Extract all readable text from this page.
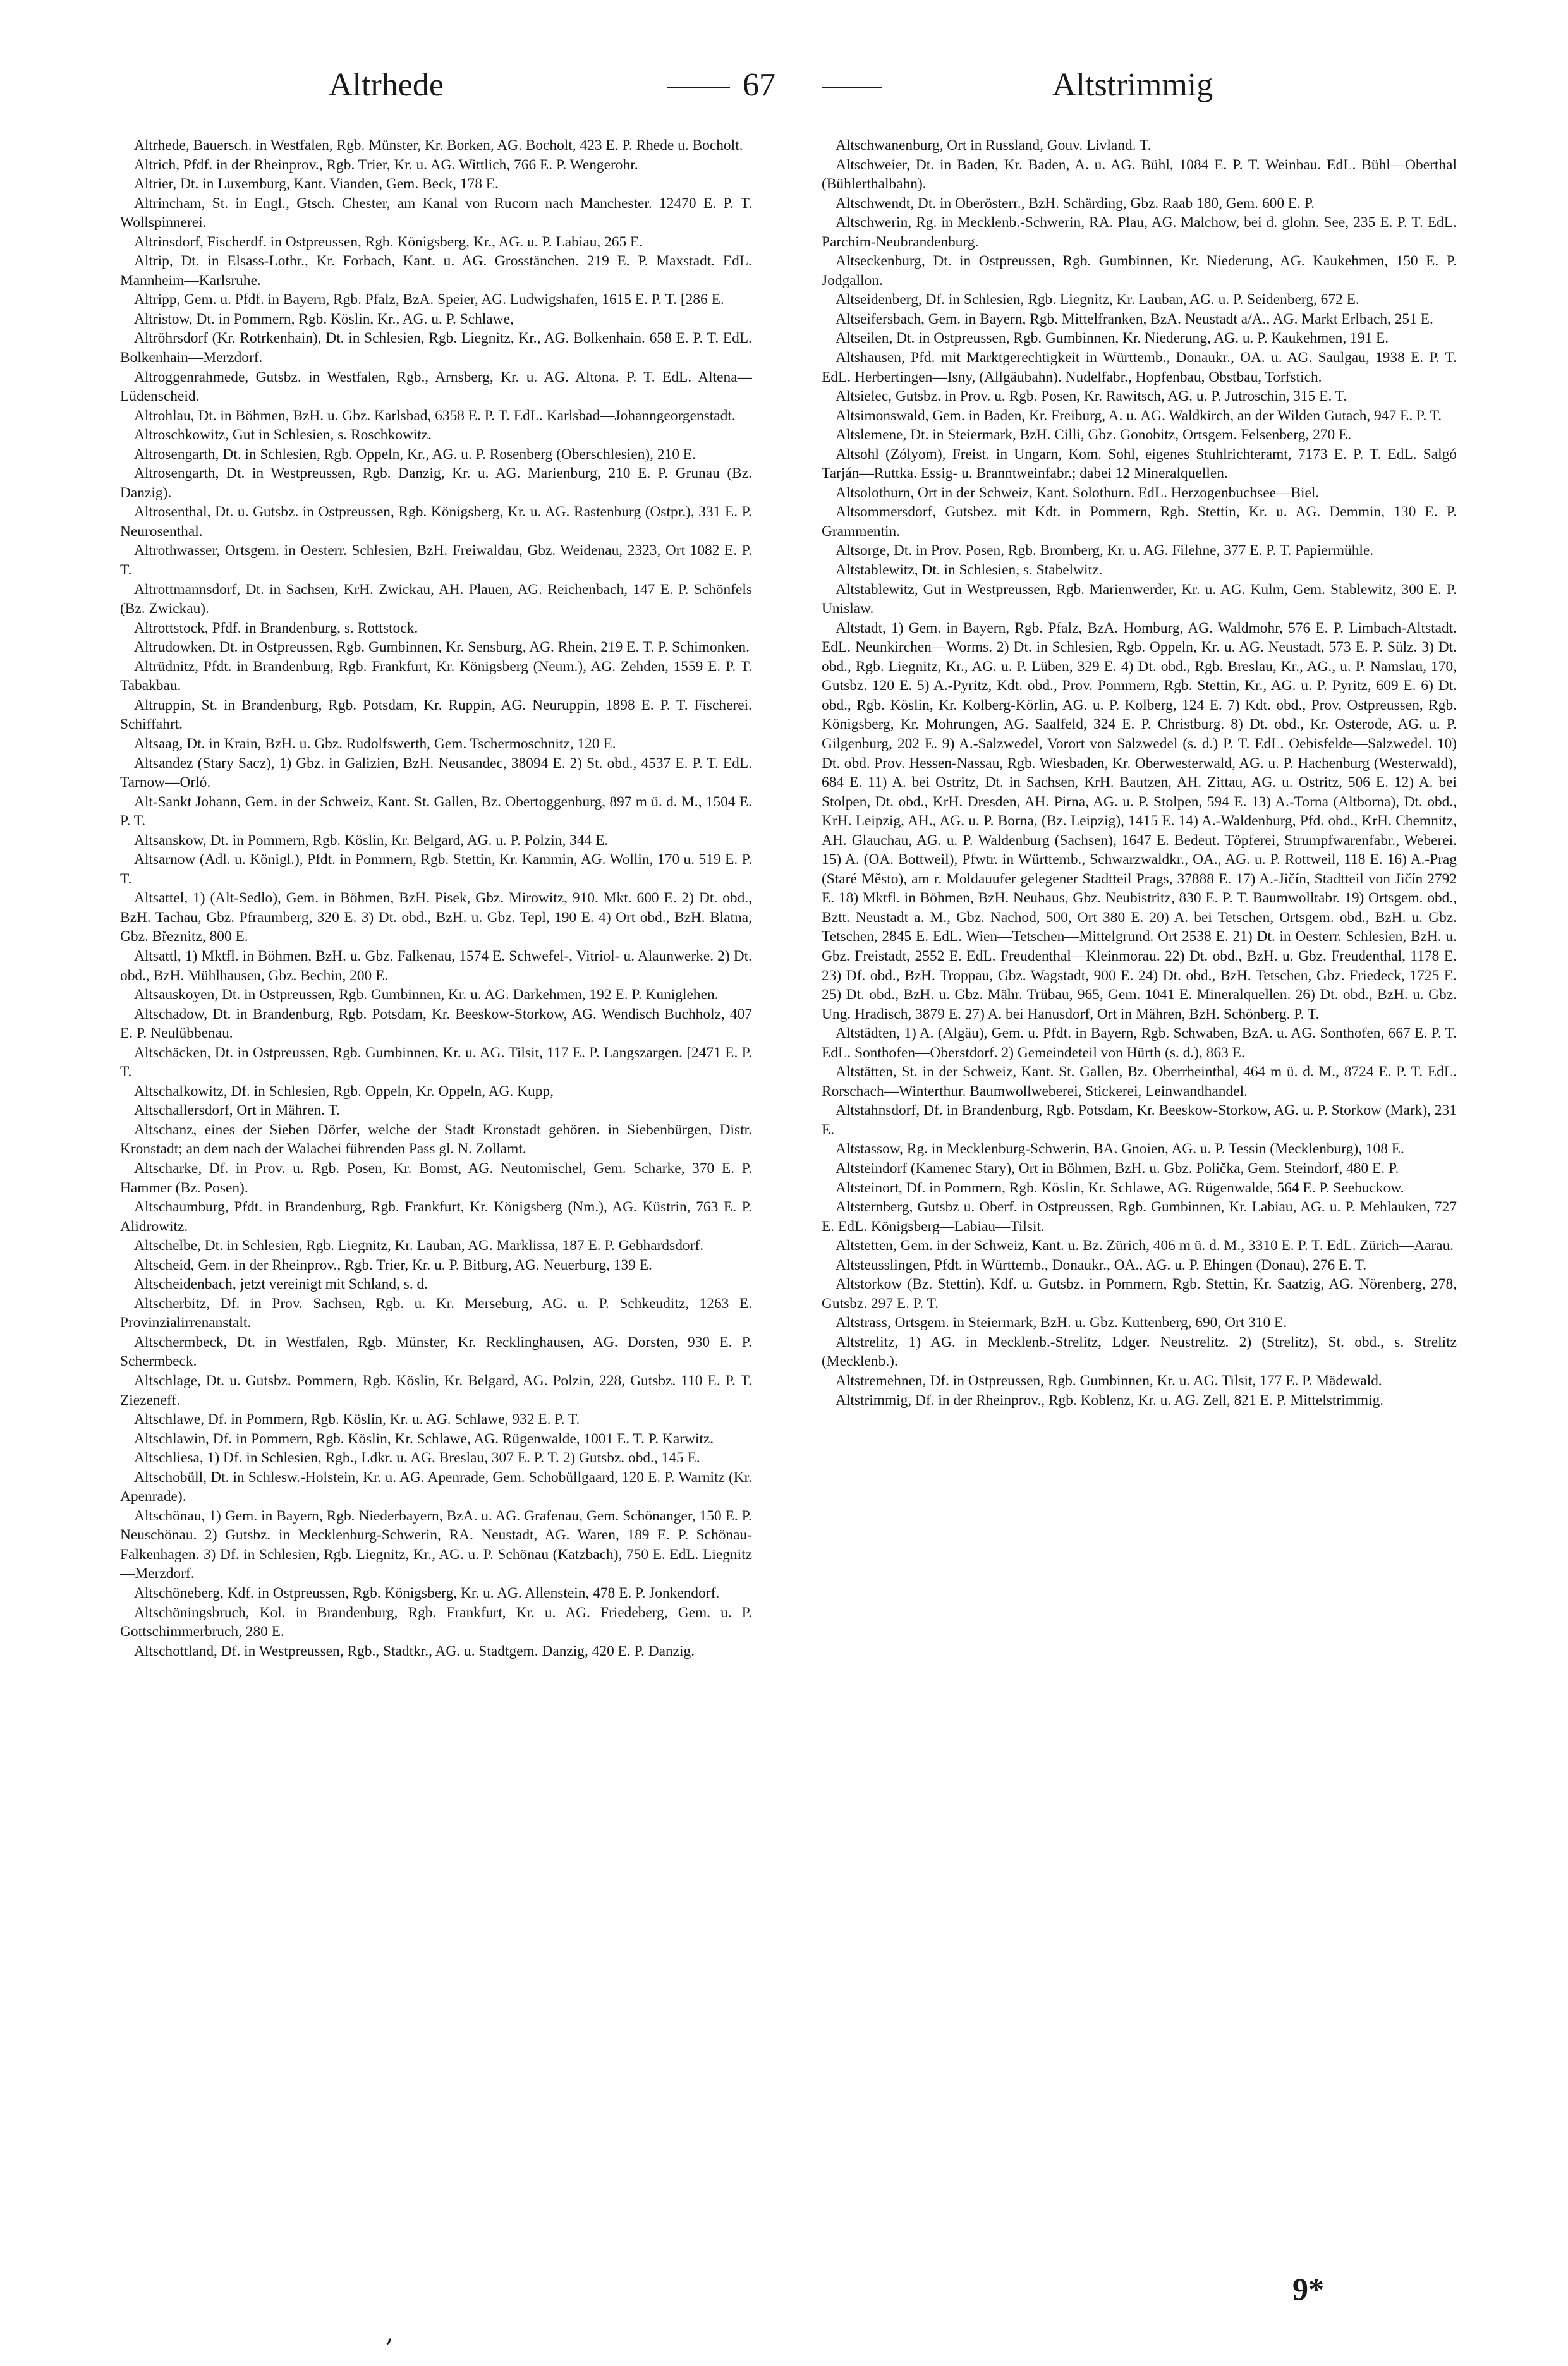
Altrhede	67	Altstrimmig

Altrhede, Bauersch. in Westfalen, Rgb. Münster, Kr. Borken, AG. Bocholt, 423 E. P. Rhede u. Bocholt.

Altrich, Pfdf. in der Rheinprov., Rgb. Trier, Kr. u. AG. Wittlich, 766 E. P. Wengerohr.

Altrier, Dt. in Luxemburg, Kant. Vianden, Gem. Beck, 178 E.

Altrincham, St. in Engl., Gtsch. Chester, am Kanal von Rucorn nach Manchester. 12470 E. P. T. Wollspinnerei.

Altrinsdorf, Fischerdf. in Ostpreussen, Rgb. Königsberg, Kr., AG. u. P. Labiau, 265 E.

Altrip, Dt. in Elsass-Lothr., Kr. Forbach, Kant. u. AG. Grosstänchen. 219 E. P. Maxstadt. EdL. Mannheim—Karlsruhe.

Altripp, Gem. u. Pfdf. in Bayern, Rgb. Pfalz, BzA. Speier, AG. Ludwigshafen, 1615 E. P. T. [286 E.

Altristow, Dt. in Pommern, Rgb. Köslin, Kr., AG. u. P. Schlawe,

Altröhrsdorf (Kr. Rotrkenhain), Dt. in Schlesien, Rgb. Liegnitz, Kr., AG. Bolkenhain. 658 E. P. T. EdL. Bolkenhain—Merzdorf.

Altroggenrahmede, Gutsbz. in Westfalen, Rgb., Arnsberg, Kr. u. AG. Altona. P. T. EdL. Altena—Lüdenscheid.

Altrohlau, Dt. in Böhmen, BzH. u. Gbz. Karlsbad, 6358 E. P. T. EdL. Karlsbad—Johanngeorgenstadt.

Altroschkowitz, Gut in Schlesien, s. Roschkowitz.

Altrosengarth, Dt. in Schlesien, Rgb. Oppeln, Kr., AG. u. P. Rosenberg (Oberschlesien), 210 E.

Altrosengarth, Dt. in Westpreussen, Rgb. Danzig, Kr. u. AG. Marienburg, 210 E. P. Grunau (Bz. Danzig).

Altrosenthal, Dt. u. Gutsbz. in Ostpreussen, Rgb. Königsberg, Kr. u. AG. Rastenburg (Ostpr.), 331 E. P. Neurosenthal.

Altrothwasser, Ortsgem. in Oesterr. Schlesien, BzH. Freiwaldau, Gbz. Weidenau, 2323, Ort 1082 E. P. T.

Altrottmannsdorf, Dt. in Sachsen, KrH. Zwickau, AH. Plauen, AG. Reichenbach, 147 E. P. Schönfels (Bz. Zwickau).

Altrottstock, Pfdf. in Brandenburg, s. Rottstock.

Altrudowken, Dt. in Ostpreussen, Rgb. Gumbinnen, Kr. Sensburg, AG. Rhein, 219 E. T. P. Schimonken.

Altrüdnitz, Pfdt. in Brandenburg, Rgb. Frankfurt, Kr. Königsberg (Neum.), AG. Zehden, 1559 E. P. T. Tabakbau.

Altruppin, St. in Brandenburg, Rgb. Potsdam, Kr. Ruppin, AG. Neuruppin, 1898 E. P. T. Fischerei. Schiffahrt.

Altsaag, Dt. in Krain, BzH. u. Gbz. Rudolfswerth, Gem. Tschermoschnitz, 120 E.

Altsandez (Stary Sacz), 1) Gbz. in Galizien, BzH. Neusandec, 38094 E. 2) St. obd., 4537 E. P. T. EdL. Tarnow—Orló.

Alt-Sankt Johann, Gem. in der Schweiz, Kant. St. Gallen, Bz. Obertoggenburg, 897 m ü. d. M., 1504 E. P. T.

Altsanskow, Dt. in Pommern, Rgb. Köslin, Kr. Belgard, AG. u. P. Polzin, 344 E.

Altsarnow (Adl. u. Königl.), Pfdt. in Pommern, Rgb. Stettin, Kr. Kammin, AG. Wollin, 170 u. 519 E. P. T.

Altsattel, 1) (Alt-Sedlo), Gem. in Böhmen, BzH. Pisek, Gbz. Mirowitz, 910. Mkt. 600 E. 2) Dt. obd., BzH. Tachau, Gbz. Pfraumberg, 320 E. 3) Dt. obd., BzH. u. Gbz. Tepl, 190 E. 4) Ort obd., BzH. Blatna, Gbz. Březnitz, 800 E.

Altsattl, 1) Mktfl. in Böhmen, BzH. u. Gbz. Falkenau, 1574 E. Schwefel-, Vitriol- u. Alaunwerke. 2) Dt. obd., BzH. Mühlhausen, Gbz. Bechin, 200 E.

Altsauskoyen, Dt. in Ostpreussen, Rgb. Gumbinnen, Kr. u. AG. Darkehmen, 192 E. P. Kuniglehen.

Altschadow, Dt. in Brandenburg, Rgb. Potsdam, Kr. Beeskow-Storkow, AG. Wendisch Buchholz, 407 E. P. Neulübbenau.

Altschäcken, Dt. in Ostpreussen, Rgb. Gumbinnen, Kr. u. AG. Tilsit, 117 E. P. Langszargen. [2471 E. P. T.

Altschalkowitz, Df. in Schlesien, Rgb. Oppeln, Kr. Oppeln, AG. Kupp,

Altschallersdorf, Ort in Mähren. T.

Altschanz, eines der Sieben Dörfer, welche der Stadt Kronstadt gehören. in Siebenbürgen, Distr. Kronstadt; an dem nach der Walachei führenden Pass gl. N. Zollamt.

Altscharke, Df. in Prov. u. Rgb. Posen, Kr. Bomst, AG. Neutomischel, Gem. Scharke, 370 E. P. Hammer (Bz. Posen).

Altschaumburg, Pfdt. in Brandenburg, Rgb. Frankfurt, Kr. Königsberg (Nm.), AG. Küstrin, 763 E. P. Alidrowitz.

Altschelbe, Dt. in Schlesien, Rgb. Liegnitz, Kr. Lauban, AG. Marklissa, 187 E. P. Gebhardsdorf.

Altscheid, Gem. in der Rheinprov., Rgb. Trier, Kr. u. P. Bitburg, AG. Neuerburg, 139 E.

Altscheidenbach, jetzt vereinigt mit Schland, s. d.

Altscherbitz, Df. in Prov. Sachsen, Rgb. u. Kr. Merseburg, AG. u. P. Schkeuditz, 1263 E. Provinzialirrenanstalt.

Altschermbeck, Dt. in Westfalen, Rgb. Münster, Kr. Recklinghausen, AG. Dorsten, 930 E. P. Schermbeck.

Altschlage, Dt. u. Gutsbz. Pommern, Rgb. Köslin, Kr. Belgard, AG. Polzin, 228, Gutsbz. 110 E. P. T. Ziezeneff.

Altschlawe, Df. in Pommern, Rgb. Köslin, Kr. u. AG. Schlawe, 932 E. P. T.

Altschlawin, Df. in Pommern, Rgb. Köslin, Kr. Schlawe, AG. Rügenwalde, 1001 E. T. P. Karwitz.

Altschliesa, 1) Df. in Schlesien, Rgb., Ldkr. u. AG. Breslau, 307 E. P. T. 2) Gutsbz. obd., 145 E.

Altschobüll, Dt. in Schlesw.-Holstein, Kr. u. AG. Apenrade, Gem. Schobüllgaard, 120 E. P. Warnitz (Kr. Apenrade).

Altschönau, 1) Gem. in Bayern, Rgb. Niederbayern, BzA. u. AG. Grafenau, Gem. Schönanger, 150 E. P. Neuschönau. 2) Gutsbz. in Mecklenburg-Schwerin, RA. Neustadt, AG. Waren, 189 E. P. Schönau-Falkenhagen. 3) Df. in Schlesien, Rgb. Liegnitz, Kr., AG. u. P. Schönau (Katzbach), 750 E. EdL. Liegnitz—Merzdorf.

Altschöneberg, Kdf. in Ostpreussen, Rgb. Königsberg, Kr. u. AG. Allenstein, 478 E. P. Jonkendorf.

Altschöningsbruch, Kol. in Brandenburg, Rgb. Frankfurt, Kr. u. AG. Friedeberg, Gem. u. P. Gottschimmerbruch, 280 E.

Altschottland, Df. in Westpreussen, Rgb., Stadtkr., AG. u. Stadtgem. Danzig, 420 E. P. Danzig.

Altschwanenburg, Ort in Russland, Gouv. Livland. T.

Altschweier, Dt. in Baden, Kr. Baden, A. u. AG. Bühl, 1084 E. P. T. Weinbau. EdL. Bühl—Oberthal (Bühlerthalbahn).

Altschwendt, Dt. in Oberösterr., BzH. Schärding, Gbz. Raab 180, Gem. 600 E. P.

Altschwerin, Rg. in Mecklenb.-Schwerin, RA. Plau, AG. Malchow, bei d. glohn. See, 235 E. P. T. EdL. Parchim-Neubrandenburg.

Altseckenburg, Dt. in Ostpreussen, Rgb. Gumbinnen, Kr. Niederung, AG. Kaukehmen, 150 E. P. Jodgallon.

Altseidenberg, Df. in Schlesien, Rgb. Liegnitz, Kr. Lauban, AG. u. P. Seidenberg, 672 E.

Altseifersbach, Gem. in Bayern, Rgb. Mittelfranken, BzA. Neustadt a/A., AG. Markt Erlbach, 251 E.

Altseilen, Dt. in Ostpreussen, Rgb. Gumbinnen, Kr. Niederung, AG. u. P. Kaukehmen, 191 E.

Altshausen, Pfd. mit Marktgerechtigkeit in Württemb., Donaukr., OA. u. AG. Saulgau, 1938 E. P. T. EdL. Herbertingen—Isny, (Allgäubahn). Nudelfabr., Hopfenbau, Obstbau, Torfstich.

Altsielec, Gutsbz. in Prov. u. Rgb. Posen, Kr. Rawitsch, AG. u. P. Jutroschin, 315 E. T.

Altsimonswald, Gem. in Baden, Kr. Freiburg, A. u. AG. Waldkirch, an der Wilden Gutach, 947 E. P. T.

Altslemene, Dt. in Steiermark, BzH. Cilli, Gbz. Gonobitz, Ortsgem. Felsenberg, 270 E.

Altsohl (Zólyom), Freist. in Ungarn, Kom. Sohl, eigenes Stuhlrichteramt, 7173 E. P. T. EdL. Salgó Tarján—Ruttka. Essig- u. Branntweinfabr.; dabei 12 Mineralquellen.

Altsolothurn, Ort in der Schweiz, Kant. Solothurn. EdL. Herzogenbuchsee—Biel.

Altsommersdorf, Gutsbez. mit Kdt. in Pommern, Rgb. Stettin, Kr. u. AG. Demmin, 130 E. P. Grammentin.

Altsorge, Dt. in Prov. Posen, Rgb. Bromberg, Kr. u. AG. Filehne, 377 E. P. T. Papiermühle.

Altstablewitz, Dt. in Schlesien, s. Stabelwitz.

Altstablewitz, Gut in Westpreussen, Rgb. Marienwerder, Kr. u. AG. Kulm, Gem. Stablewitz, 300 E. P. Unislaw.

Altstadt, 1) Gem. in Bayern, Rgb. Pfalz, BzA. Homburg, AG. Waldmohr, 576 E. P. Limbach-Altstadt. EdL. Neunkirchen—Worms. 2) Dt. in Schlesien, Rgb. Oppeln, Kr. u. AG. Neustadt, 573 E. P. Sülz. 3) Dt. obd., Rgb. Liegnitz, Kr., AG. u. P. Lüben, 329 E. 4) Dt. obd., Rgb. Breslau, Kr., AG., u. P. Namslau, 170, Gutsbz. 120 E. 5) A.-Pyritz, Kdt. obd., Prov. Pommern, Rgb. Stettin, Kr., AG. u. P. Pyritz, 609 E. 6) Dt. obd., Rgb. Köslin, Kr. Kolberg-Körlin, AG. u. P. Kolberg, 124 E. 7) Kdt. obd., Prov. Ostpreussen, Rgb. Königsberg, Kr. Mohrungen, AG. Saalfeld, 324 E. P. Christburg. 8) Dt. obd., Kr. Osterode, AG. u. P. Gilgenburg, 202 E. 9) A.-Salzwedel, Vorort von Salzwedel (s. d.) P. T. EdL. Oebisfelde—Salzwedel. 10) Dt. obd. Prov. Hessen-Nassau, Rgb. Wiesbaden, Kr. Oberwesterwald, AG. u. P. Hachenburg (Westerwald), 684 E. 11) A. bei Ostritz, Dt. in Sachsen, KrH. Bautzen, AH. Zittau, AG. u. Ostritz, 506 E. 12) A. bei Stolpen, Dt. obd., KrH. Dresden, AH. Pirna, AG. u. P. Stolpen, 594 E. 13) A.-Torna (Altborna), Dt. obd., KrH. Leipzig, AH., AG. u. P. Borna, (Bz. Leipzig), 1415 E. 14) A.-Waldenburg, Pfd. obd., KrH. Chemnitz, AH. Glauchau, AG. u. P. Waldenburg (Sachsen), 1647 E. Bedeut. Töpferei, Strumpfwarenfabr., Weberei. 15) A. (OA. Bottweil), Pfwtr. in Württemb., Schwarzwaldkr., OA., AG. u. P. Rottweil, 118 E. 16) A.-Prag (Staré Město), am r. Moldauufer gelegener Stadtteil Prags, 37888 E. 17) A.-Jičín, Stadtteil von Jičín 2792 E. 18) Mktfl. in Böhmen, BzH. Neuhaus, Gbz. Neubistritz, 830 E. P. T. Baumwolltabr. 19) Ortsgem. obd., Bztt. Neustadt a. M., Gbz. Nachod, 500, Ort 380 E. 20) A. bei Tetschen, Ortsgem. obd., BzH. u. Gbz. Tetschen, 2845 E. EdL. Wien—Tetschen—Mittelgrund. Ort 2538 E. 21) Dt. in Oesterr. Schlesien, BzH. u. Gbz. Freistadt, 2552 E. EdL. Freudenthal—Kleinmorau. 22) Dt. obd., BzH. u. Gbz. Freudenthal, 1178 E. 23) Df. obd., BzH. Troppau, Gbz. Wagstadt, 900 E. 24) Dt. obd., BzH. Tetschen, Gbz. Friedeck, 1725 E. 25) Dt. obd., BzH. u. Gbz. Mähr. Trübau, 965, Gem. 1041 E. Mineralquellen. 26) Dt. obd., BzH. u. Gbz. Ung. Hradisch, 3879 E. 27) A. bei Hanusdorf, Ort in Mähren, BzH. Schönberg. P. T.

Altstädten, 1) A. (Algäu), Gem. u. Pfdt. in Bayern, Rgb. Schwaben, BzA. u. AG. Sonthofen, 667 E. P. T. EdL. Sonthofen—Oberstdorf. 2) Gemeindeteil von Hürth (s. d.), 863 E.

Altstätten, St. in der Schweiz, Kant. St. Gallen, Bz. Oberrheinthal, 464 m ü. d. M., 8724 E. P. T. EdL. Rorschach—Winterthur. Baumwollweberei, Stickerei, Leinwandhandel.

Altstahnsdorf, Df. in Brandenburg, Rgb. Potsdam, Kr. Beeskow-Storkow, AG. u. P. Storkow (Mark), 231 E.

Altstassow, Rg. in Mecklenburg-Schwerin, BA. Gnoien, AG. u. P. Tessin (Mecklenburg), 108 E.

Altsteindorf (Kamenec Stary), Ort in Böhmen, BzH. u. Gbz. Polička, Gem. Steindorf, 480 E. P.

Altsteinort, Df. in Pommern, Rgb. Köslin, Kr. Schlawe, AG. Rügenwalde, 564 E. P. Seebuckow.

Altsternberg, Gutsbz u. Oberf. in Ostpreussen, Rgb. Gumbinnen, Kr. Labiau, AG. u. P. Mehlauken, 727 E. EdL. Königsberg—Labiau—Tilsit.

Altstetten, Gem. in der Schweiz, Kant. u. Bz. Zürich, 406 m ü. d. M., 3310 E. P. T. EdL. Zürich—Aarau.

Altsteusslingen, Pfdt. in Württemb., Donaukr., OA., AG. u. P. Ehingen (Donau), 276 E. T.

Altstorkow (Bz. Stettin), Kdf. u. Gutsbz. in Pommern, Rgb. Stettin, Kr. Saatzig, AG. Nörenberg, 278, Gutsbz. 297 E. P. T.

Altstrass, Ortsgem. in Steiermark, BzH. u. Gbz. Kuttenberg, 690, Ort 310 E.

Altstrelitz, 1) AG. in Mecklenb.-Strelitz, Ldger. Neustrelitz. 2) (Strelitz), St. obd., s. Strelitz (Mecklenb.).

Altstremehnen, Df. in Ostpreussen, Rgb. Gumbinnen, Kr. u. AG. Tilsit, 177 E. P. Mädewald.

Altstrimmig, Df. in der Rheinprov., Rgb. Koblenz, Kr. u. AG. Zell, 821 E. P. Mittelstrimmig.

9*
,
